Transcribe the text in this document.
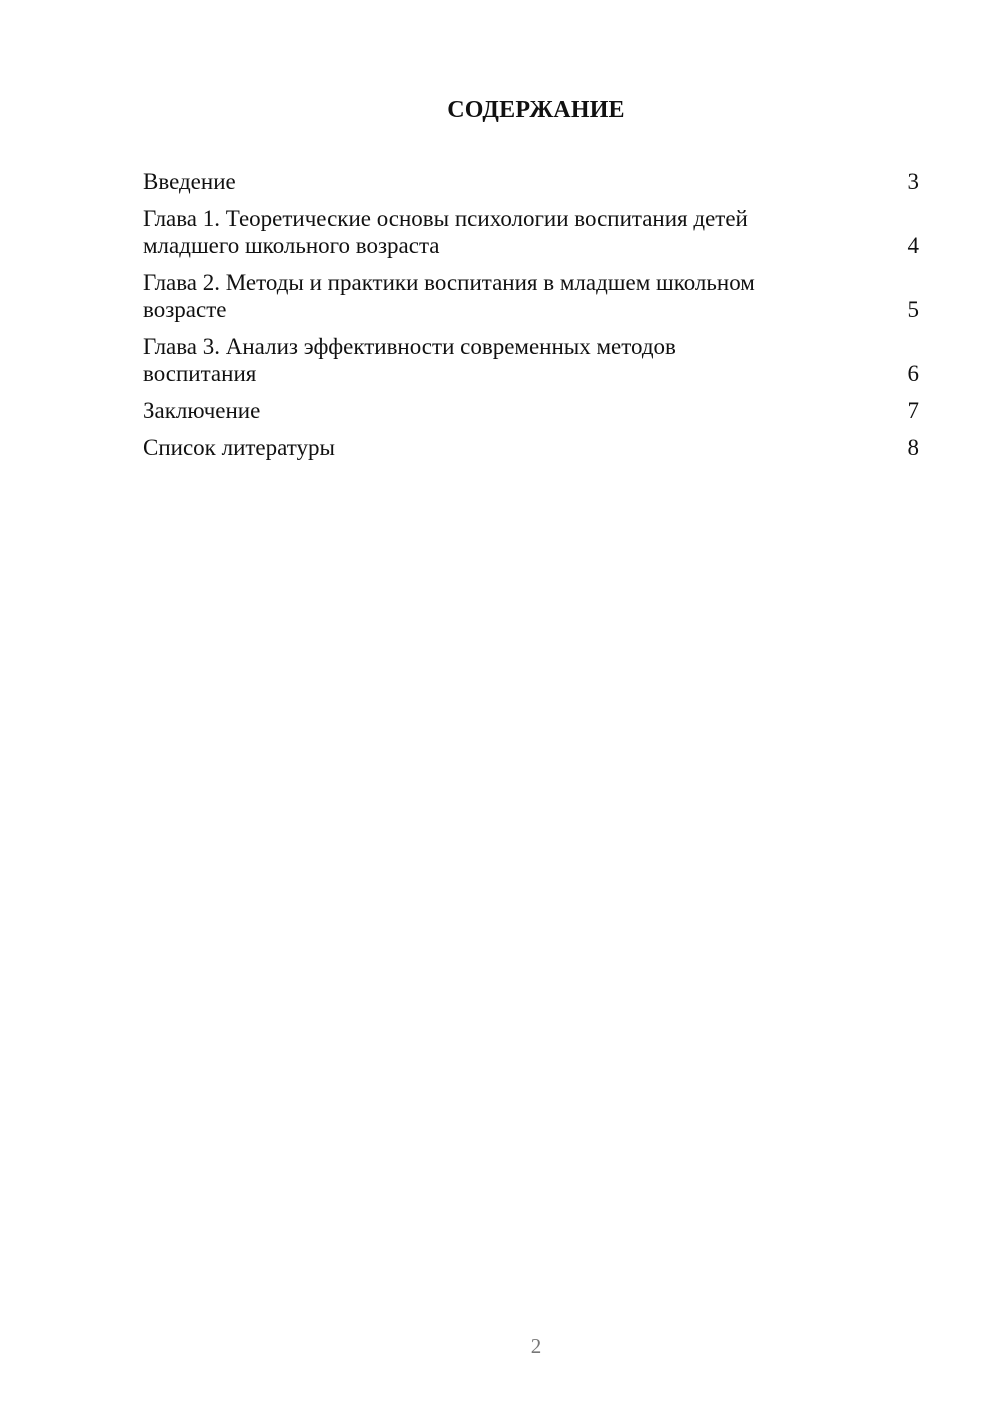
СОДЕРЖАНИЕ
Введение	3
Глава 1. Теоретические основы психологии воспитания детей
младшего школьного возраста	4
Глава 2. Методы и практики воспитания в младшем школьном
возрасте	5
Глава 3. Анализ эффективности современных методов
воспитания	6
Заключение	7
Список литературы	8
2
